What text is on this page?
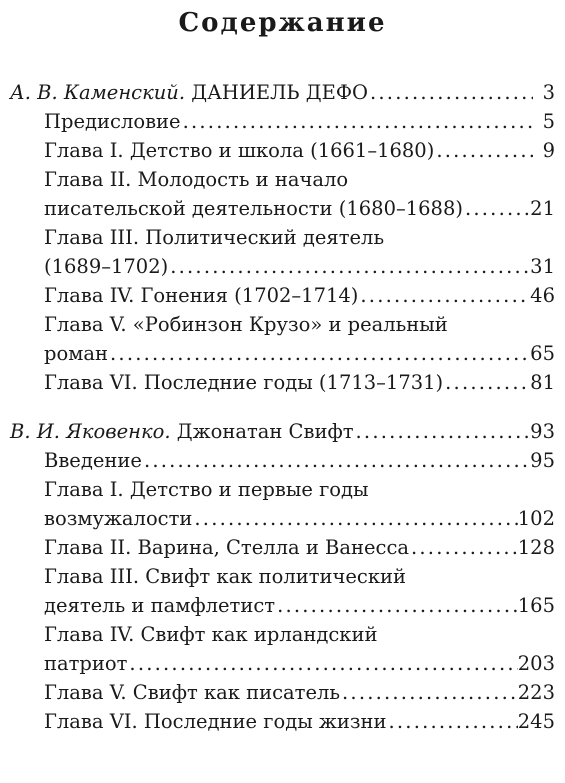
Содержание
А. В. Каменский. ДАНИЕЛЬ ДЕФО .....	3
Предисловие .....	5
Глава I. Детство и школа (1661–1680) .....	9
Глава II. Молодость и начало
писательской деятельности (1680–1688) .....	21
Глава III. Политический деятель
(1689–1702) .....	31
Глава IV. Гонения (1702–1714) .....	46
Глава V. «Робинзон Крузо» и реальный
роман .....	65
Глава VI. Последние годы (1713–1731) .....	81
В. И. Яковенко. Джонатан Свифт .....	93
Введение .....	95
Глава I. Детство и первые годы
возмужалости .....	102
Глава II. Варина, Стелла и Ванесса .....	128
Глава III. Свифт как политический
деятель и памфлетист .....	165
Глава IV. Свифт как ирландский
патриот .....	203
Глава V. Свифт как писатель .....	223
Глава VI. Последние годы жизни .....	245
